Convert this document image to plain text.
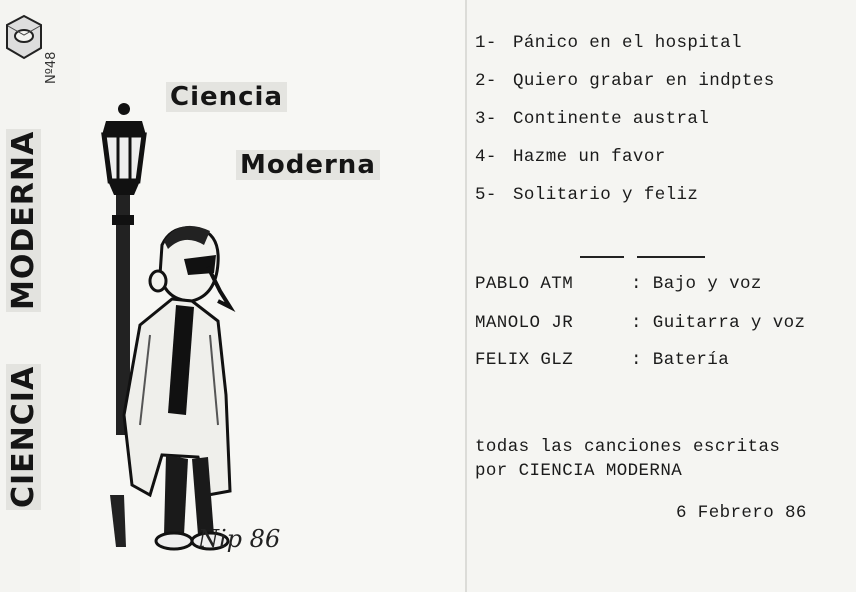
Nº48
MODERNA
CIENCIA
Ciencia
Moderna
Nip 86
1- Pánico en el hospital
2- Quiero grabar en indptes
3- Continente austral
4- Hazme un favor
5- Solitario y feliz
PABLO ATM	: Bajo y voz
MANOLO JR	: Guitarra y voz
FELIX GLZ	: Batería
todas las canciones escritas
por CIENCIA MODERNA
6 Febrero 86
